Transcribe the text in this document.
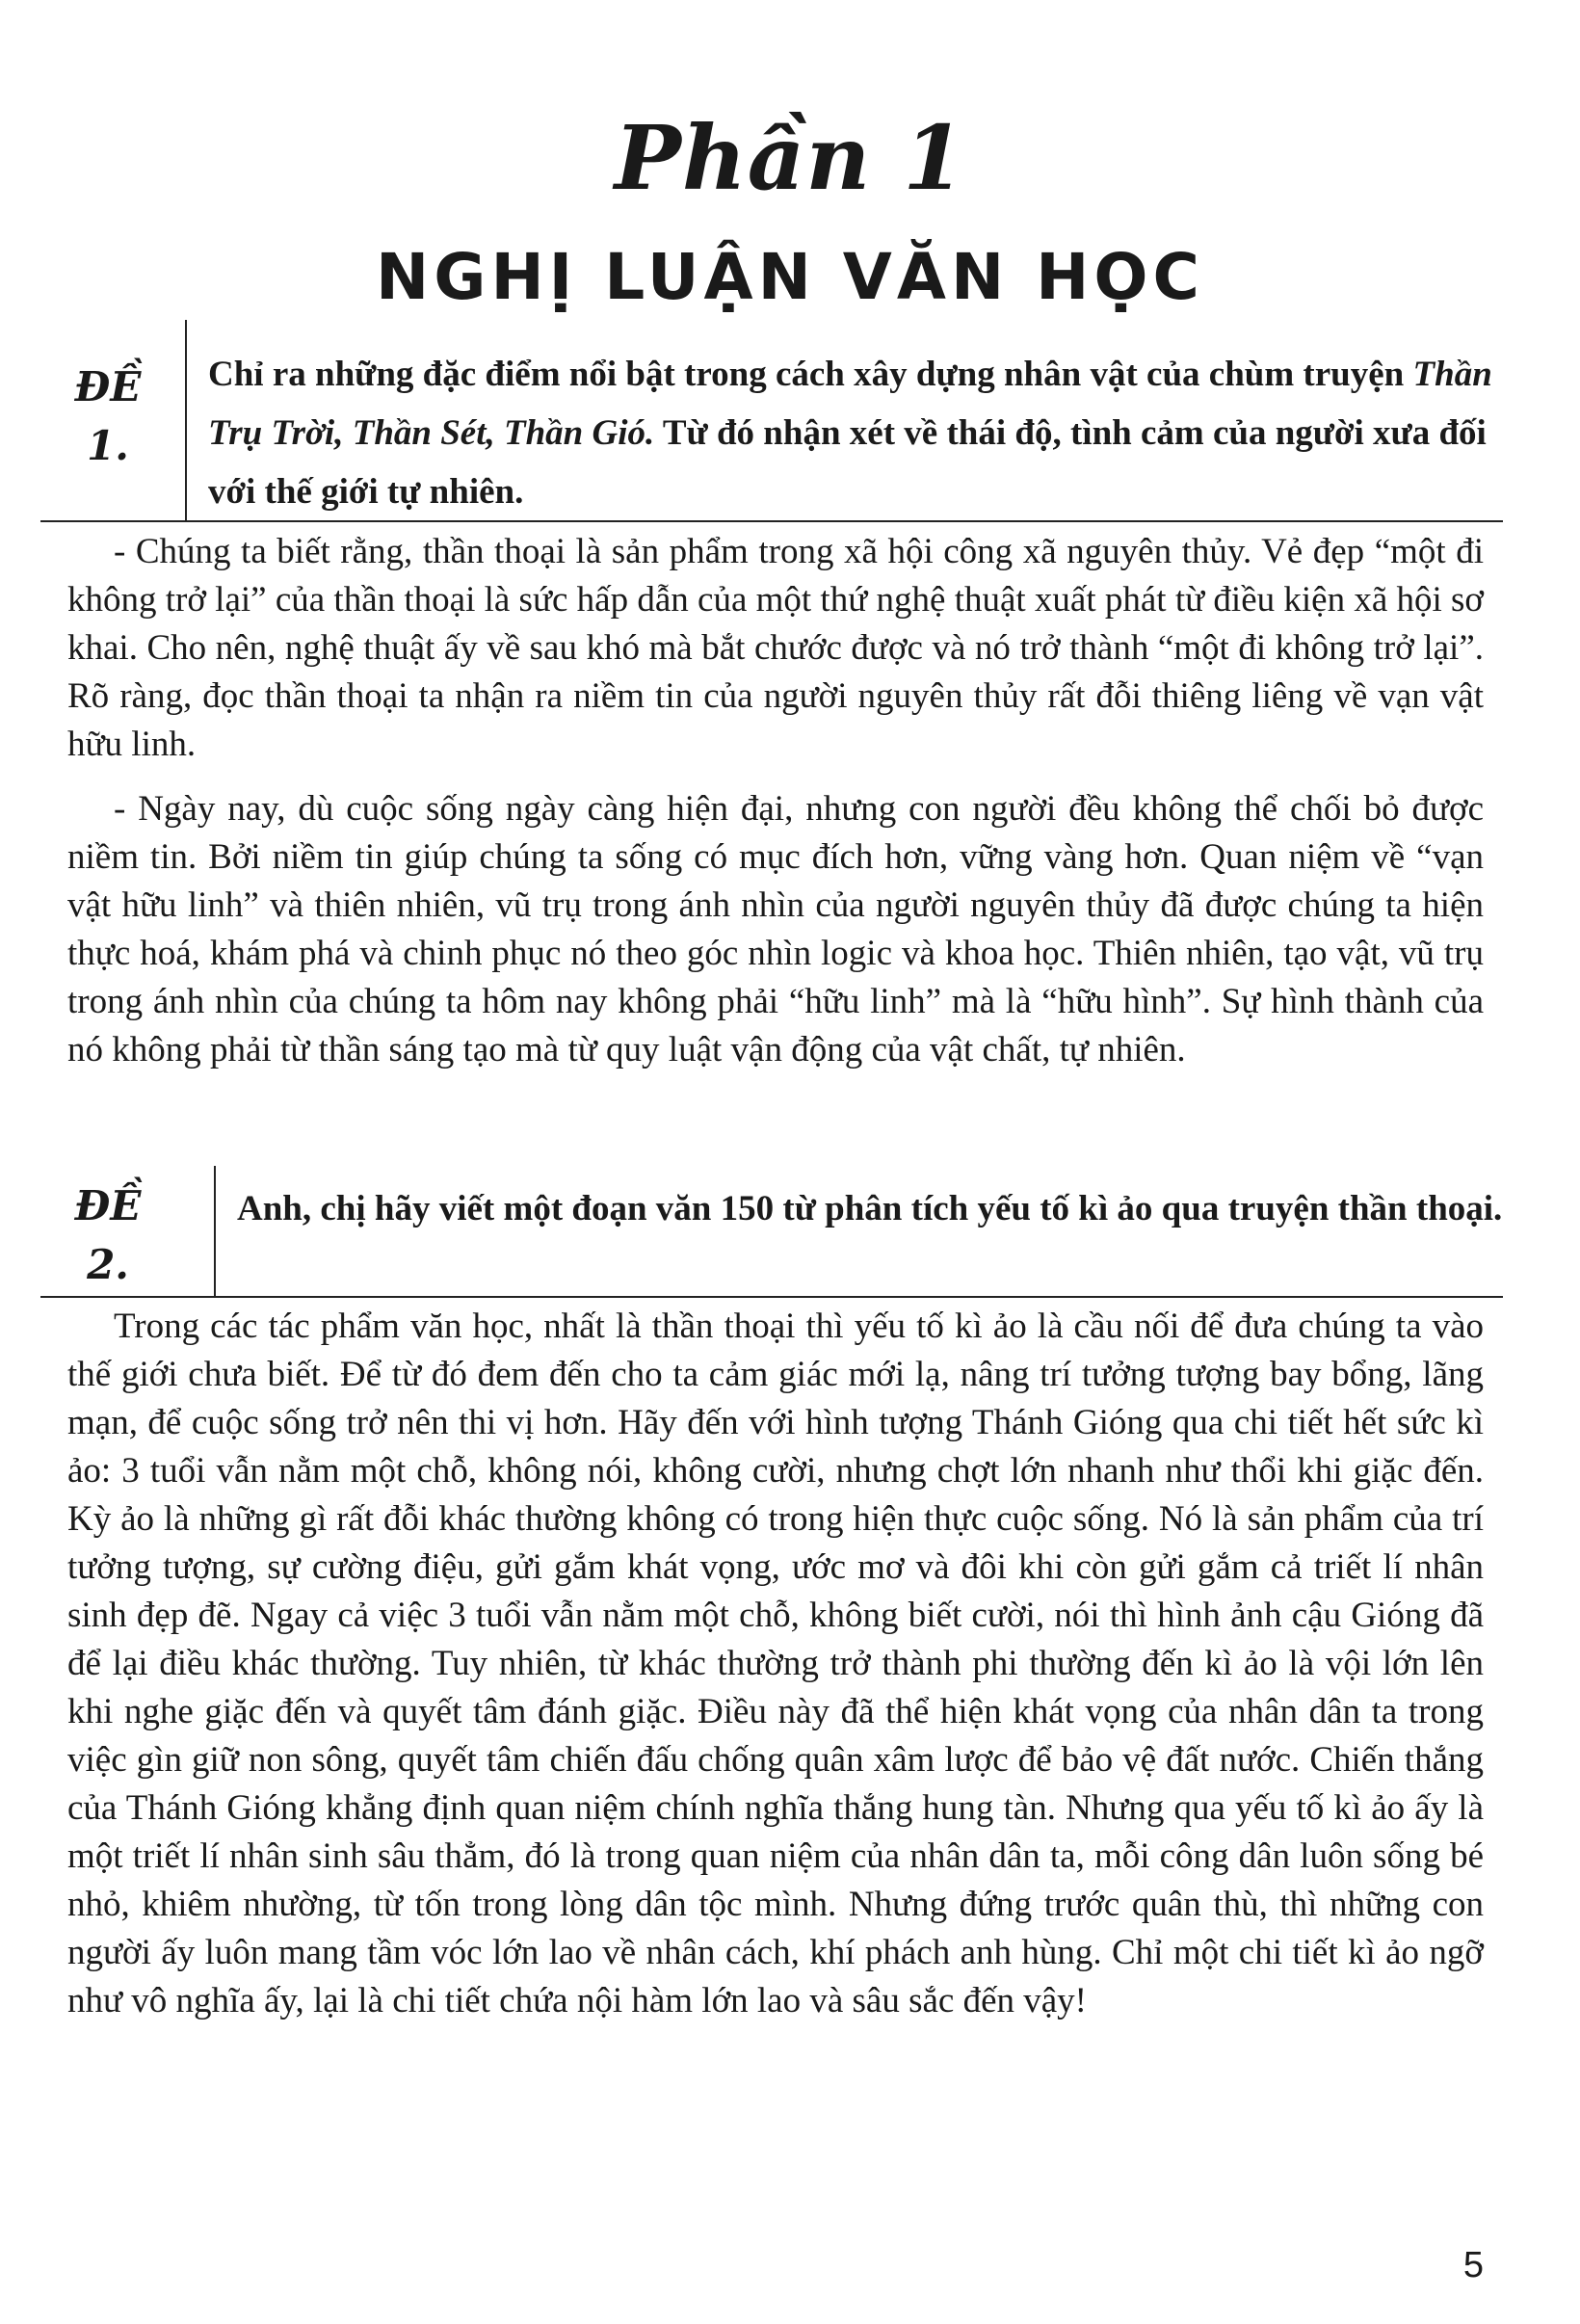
Phần 1
NGHỊ LUẬN VĂN HỌC
ĐỀ
1.
Chỉ ra những đặc điểm nổi bật trong cách xây dựng nhân vật của chùm truyện Thần Trụ Trời, Thần Sét, Thần Gió. Từ đó nhận xét về thái độ, tình cảm của người xưa đối với thế giới tự nhiên.

- Chúng ta biết rằng, thần thoại là sản phẩm trong xã hội công xã nguyên thủy. Vẻ đẹp “một đi không trở lại” của thần thoại là sức hấp dẫn của một thứ nghệ thuật xuất phát từ điều kiện xã hội sơ khai. Cho nên, nghệ thuật ấy về sau khó mà bắt chước được và nó trở thành “một đi không trở lại”. Rõ ràng, đọc thần thoại ta nhận ra niềm tin của người nguyên thủy rất đỗi thiêng liêng về vạn vật hữu linh.

- Ngày nay, dù cuộc sống ngày càng hiện đại, nhưng con người đều không thể chối bỏ được niềm tin. Bởi niềm tin giúp chúng ta sống có mục đích hơn, vững vàng hơn. Quan niệm về “vạn vật hữu linh” và thiên nhiên, vũ trụ trong ánh nhìn của người nguyên thủy đã được chúng ta hiện thực hoá, khám phá và chinh phục nó theo góc nhìn logic và khoa học. Thiên nhiên, tạo vật, vũ trụ trong ánh nhìn của chúng ta hôm nay không phải “hữu linh” mà là “hữu hình”. Sự hình thành của nó không phải từ thần sáng tạo mà từ quy luật vận động của vật chất, tự nhiên.

ĐỀ
2.
Anh, chị hãy viết một đoạn văn 150 từ phân tích yếu tố kì ảo qua truyện thần thoại.

Trong các tác phẩm văn học, nhất là thần thoại thì yếu tố kì ảo là cầu nối để đưa chúng ta vào thế giới chưa biết. Để từ đó đem đến cho ta cảm giác mới lạ, nâng trí tưởng tượng bay bổng, lãng mạn, để cuộc sống trở nên thi vị hơn. Hãy đến với hình tượng Thánh Gióng qua chi tiết hết sức kì ảo: 3 tuổi vẫn nằm một chỗ, không nói, không cười, nhưng chợt lớn nhanh như thổi khi giặc đến. Kỳ ảo là những gì rất đỗi khác thường không có trong hiện thực cuộc sống. Nó là sản phẩm của trí tưởng tượng, sự cường điệu, gửi gắm khát vọng, ước mơ và đôi khi còn gửi gắm cả triết lí nhân sinh đẹp đẽ. Ngay cả việc 3 tuổi vẫn nằm một chỗ, không biết cười, nói thì hình ảnh cậu Gióng đã để lại điều khác thường. Tuy nhiên, từ khác thường trở thành phi thường đến kì ảo là vội lớn lên khi nghe giặc đến và quyết tâm đánh giặc. Điều này đã thể hiện khát vọng của nhân dân ta trong việc gìn giữ non sông, quyết tâm chiến đấu chống quân xâm lược để bảo vệ đất nước. Chiến thắng của Thánh Gióng khẳng định quan niệm chính nghĩa thắng hung tàn. Nhưng qua yếu tố kì ảo ấy là một triết lí nhân sinh sâu thẳm, đó là trong quan niệm của nhân dân ta, mỗi công dân luôn sống bé nhỏ, khiêm nhường, từ tốn trong lòng dân tộc mình. Nhưng đứng trước quân thù, thì những con người ấy luôn mang tầm vóc lớn lao về nhân cách, khí phách anh hùng. Chỉ một chi tiết kì ảo ngỡ như vô nghĩa ấy, lại là chi tiết chứa nội hàm lớn lao và sâu sắc đến vậy!

5
